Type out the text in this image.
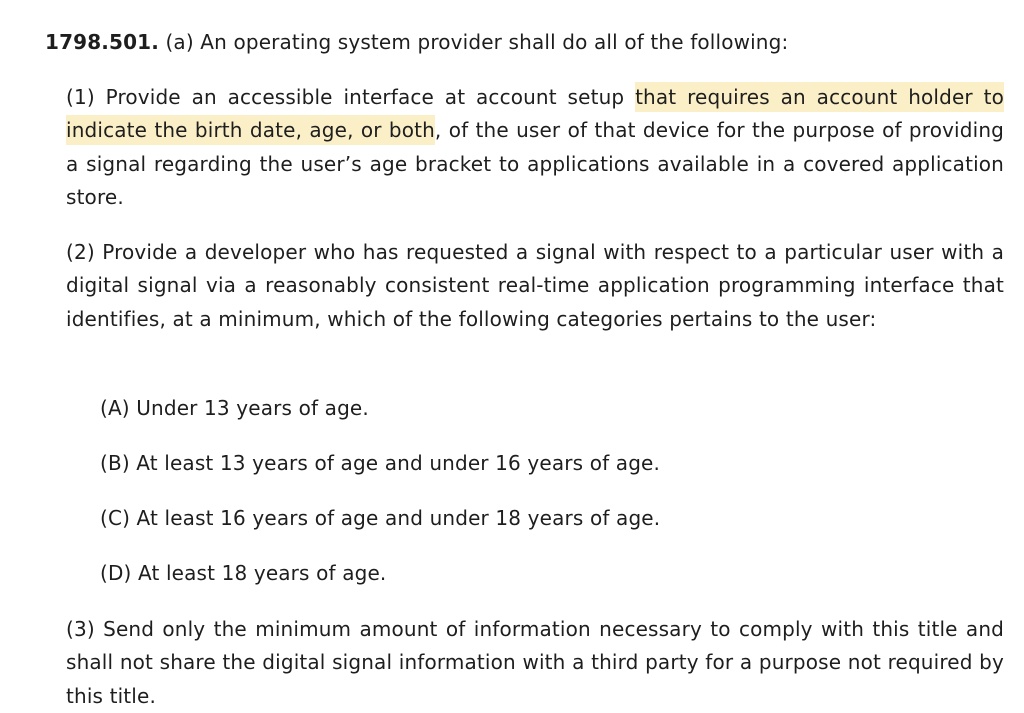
1798.501. (a) An operating system provider shall do all of the following:

(1) Provide an accessible interface at account setup that requires an account holder to indicate the birth date, age, or both, of the user of that device for the purpose of providing a signal regarding the user’s age bracket to applications available in a covered application store.

(2) Provide a developer who has requested a signal with respect to a particular user with a digital signal via a reasonably consistent real-time application programming interface that identifies, at a minimum, which of the following categories pertains to the user:

(A) Under 13 years of age.

(B) At least 13 years of age and under 16 years of age.

(C) At least 16 years of age and under 18 years of age.

(D) At least 18 years of age.

(3) Send only the minimum amount of information necessary to comply with this title and shall not share the digital signal information with a third party for a purpose not required by this title.
